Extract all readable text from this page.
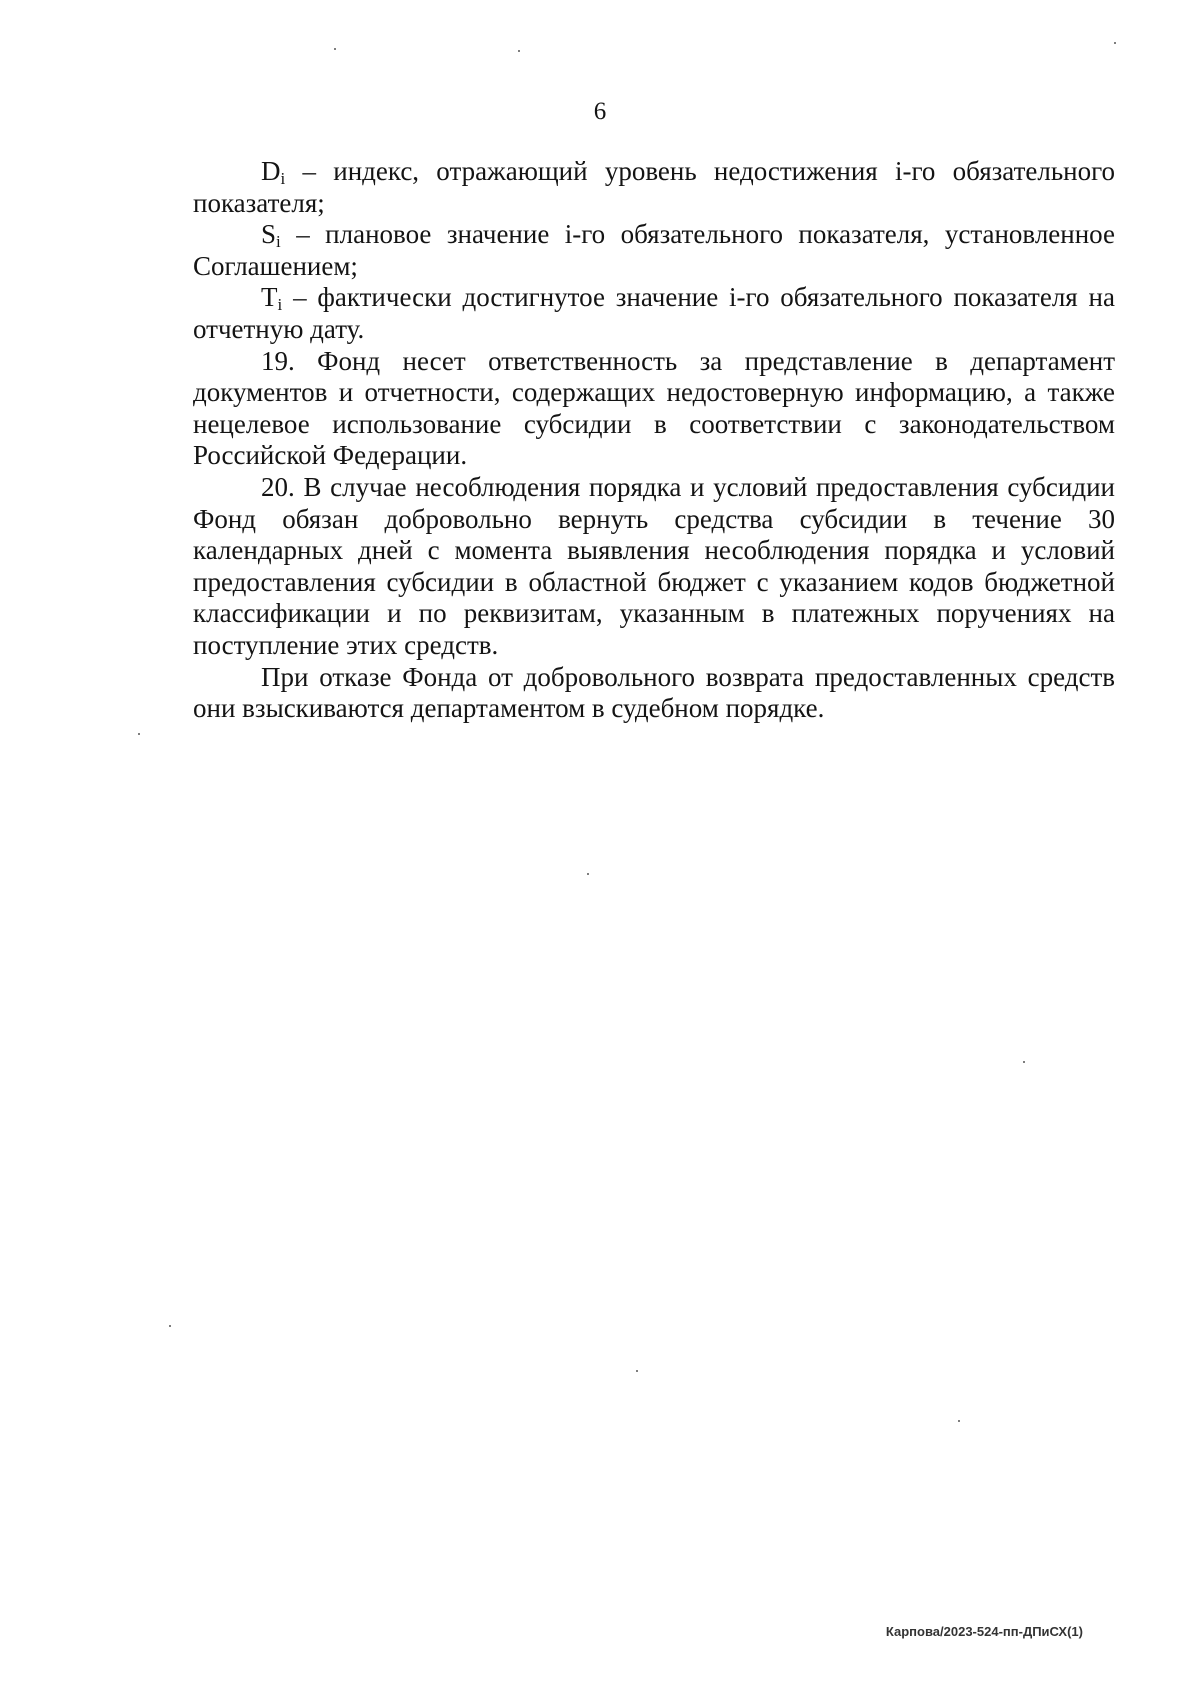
6

$D_i$ – индекс, отражающий уровень недостижения i-го обязательного показателя;

$S_i$ – плановое значение i-го обязательного показателя, установленное Соглашением;

$T_i$ – фактически достигнутое значение i-го обязательного показателя на отчетную дату.

19. Фонд несет ответственность за представление в департамент документов и отчетности, содержащих недостоверную информацию, а также нецелевое использование субсидии в соответствии с законодательством Российской Федерации.

20. В случае несоблюдения порядка и условий предоставления субсидии Фонд обязан добровольно вернуть средства субсидии в течение 30 календарных дней с момента выявления несоблюдения порядка и условий предоставления субсидии в областной бюджет с указанием кодов бюджетной классификации и по реквизитам, указанным в платежных поручениях на поступление этих средств.

При отказе Фонда от добровольного возврата предоставленных средств они взыскиваются департаментом в судебном порядке.

Карпова/2023-524-пп-ДПиСХ(1)
